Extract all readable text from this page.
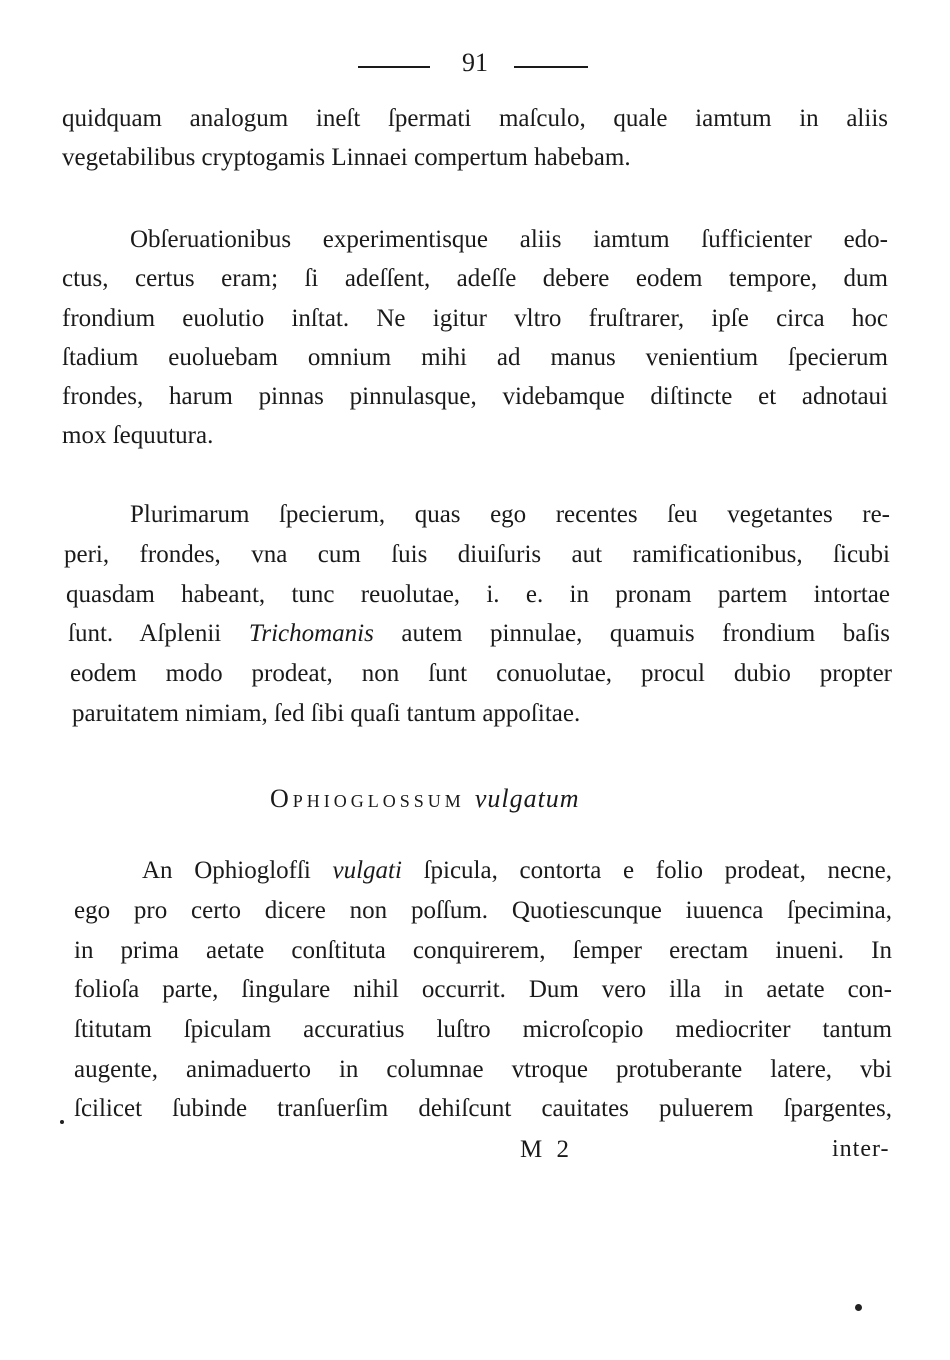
91
quidquam analogum ineſt ſpermati maſculo, quale iamtum in aliis
vegetabilibus cryptogamis Linnaei compertum habebam.
Obſeruationibus experimentisque aliis iamtum ſufficienter edo-
ctus, certus eram; ſi adeſſent, adeſſe debere eodem tempore, dum
frondium euolutio inſtat. Ne igitur vltro fruſtrarer, ipſe circa hoc
ſtadium euoluebam omnium mihi ad manus venientium ſpecierum
frondes, harum pinnas pinnulasque, videbamque diſtincte et adnotaui
mox ſequutura.
Plurimarum ſpecierum, quas ego recentes ſeu vegetantes re-
peri, frondes, vna cum ſuis diuiſuris aut ramificationibus, ſicubi
quasdam habeant, tunc reuolutae, i. e. in pronam partem intortae
ſunt. Aſplenii Trichomanis autem pinnulae, quamuis frondium baſis
eodem modo prodeat, non ſunt conuolutae, procul dubio propter
paruitatem nimiam, ſed ſibi quaſi tantum appoſitae.
Ophioglossum vulgatum
An Ophioglofſi vulgati ſpicula, contorta e folio prodeat, necne,
ego pro certo dicere non poſſum. Quotiescunque iuuenca ſpecimina,
in prima aetate conſtituta conquirerem, ſemper erectam inueni. In
folioſa parte, ſingulare nihil occurrit. Dum vero illa in aetate con-
ſtitutam ſpiculam accuratius luſtro microſcopio mediocriter tantum
augente, animaduerto in columnae vtroque protuberante latere, vbi
ſcilicet ſubinde tranſuerſim dehiſcunt cauitates puluerem ſpargentes,
M 2	inter-
